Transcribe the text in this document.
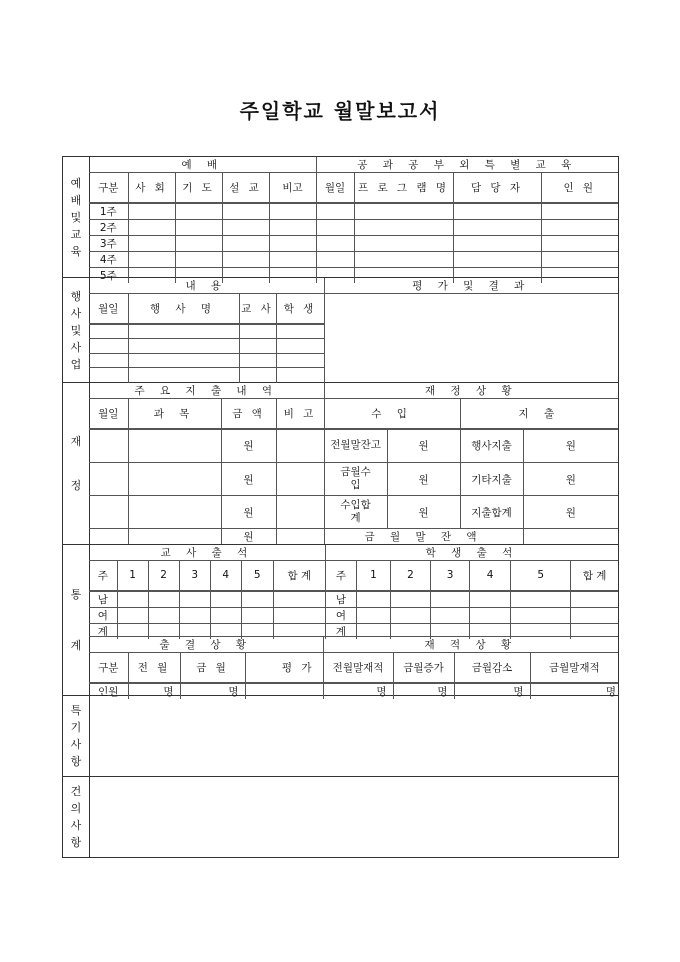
주일학교 월말보고서
예
배
및
교
육
예 배					공 과 공 부 외 특 별 교 육			
구분	사 회	기 도	설 교	비고	월일	프 로 그 램 명	담 당 자	인 원
1주								
2주								
3주								
4주								
5주								
행
사
및
사
업
내 용				평 가 및 결 과
월일	행 사 명	교 사	학 생	

재
정
주 요 지 출 내 역				재 정 상 황			
월일	과 목	금 액	비 고	수 입		지 출	
		원		전월말잔고	원	행사지출	원
		원		금월수입	원	기타지출	원
		원		수입합계	원	지출합계	원
		원		금 월 말 잔 액			
통
계
교 사 출 석							학 생 출 석						
주	1	2	3	4	5	합 계	주	1	2	3	4	5	합 계
남							남						
여							여						
계							계						
출 결 상 황				재 적 상 황			
구분	전 월	금 월	평 가	전월말재적	금월증가	금월감소	금월말재적
인원	명	명		명	명	명	명
특
기
사
항
건
의
사
항
